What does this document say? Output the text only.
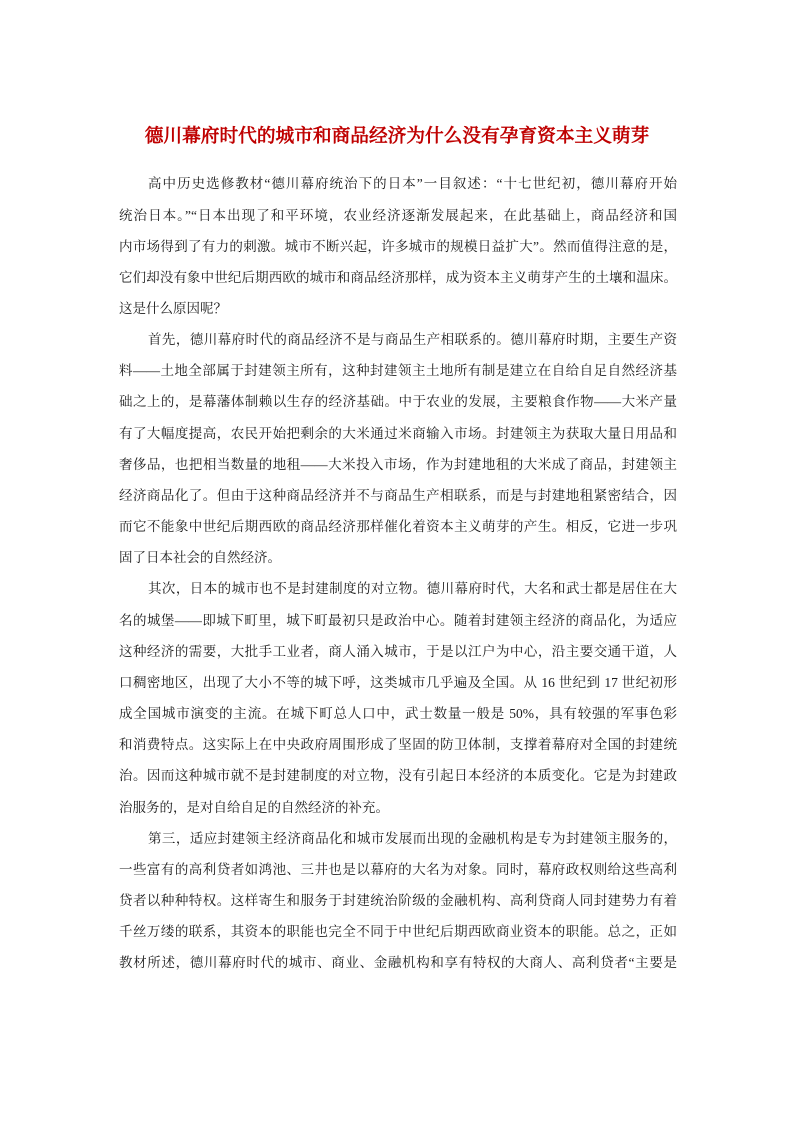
德川幕府时代的城市和商品经济为什么没有孕育资本主义萌芽
高中历史选修教材“德川幕府统治下的日本”一目叙述：“十七世纪初，德川幕府开始
统治日本。”“日本出现了和平环境，农业经济逐渐发展起来，在此基础上，商品经济和国
内市场得到了有力的刺激。城市不断兴起，许多城市的规模日益扩大”。然而值得注意的是，
它们却没有象中世纪后期西欧的城市和商品经济那样，成为资本主义萌芽产生的土壤和温床。
这是什么原因呢？
首先，德川幕府时代的商品经济不是与商品生产相联系的。德川幕府时期，主要生产资
料——土地全部属于封建领主所有，这种封建领主土地所有制是建立在自给自足自然经济基
础之上的，是幕藩体制赖以生存的经济基础。中于农业的发展，主要粮食作物——大米产量
有了大幅度提高，农民开始把剩余的大米通过米商输入市场。封建领主为获取大量日用品和
奢侈品，也把相当数量的地租——大米投入市场，作为封建地租的大米成了商品，封建领主
经济商品化了。但由于这种商品经济并不与商品生产相联系，而是与封建地租紧密结合，因
而它不能象中世纪后期西欧的商品经济那样催化着资本主义萌芽的产生。相反，它进一步巩
固了日本社会的自然经济。
其次，日本的城市也不是封建制度的对立物。德川幕府时代，大名和武士都是居住在大
名的城堡——即城下町里，城下町最初只是政治中心。随着封建领主经济的商品化，为适应
这种经济的需要，大批手工业者，商人涌入城市，于是以江户为中心，沿主要交通干道，人
口稠密地区，出现了大小不等的城下呼，这类城市几乎遍及全国。从 16 世纪到 17 世纪初形
成全国城市演变的主流。在城下町总人口中，武士数量一般是 50%，具有较强的军事色彩
和消费特点。这实际上在中央政府周围形成了坚固的防卫体制，支撑着幕府对全国的封建统
治。因而这种城市就不是封建制度的对立物，没有引起日本经济的本质变化。它是为封建政
治服务的，是对自给自足的自然经济的补充。
第三，适应封建领主经济商品化和城市发展而出现的金融机构是专为封建领主服务的，
一些富有的高利贷者如鸿池、三井也是以幕府的大名为对象。同时，幕府政权则给这些高利
贷者以种种特权。这样寄生和服务于封建统治阶级的金融机构、高利贷商人同封建势力有着
千丝万缕的联系，其资本的职能也完全不同于中世纪后期西欧商业资本的职能。总之，正如
教材所述，德川幕府时代的城市、商业、金融机构和享有特权的大商人、高利贷者“主要是
